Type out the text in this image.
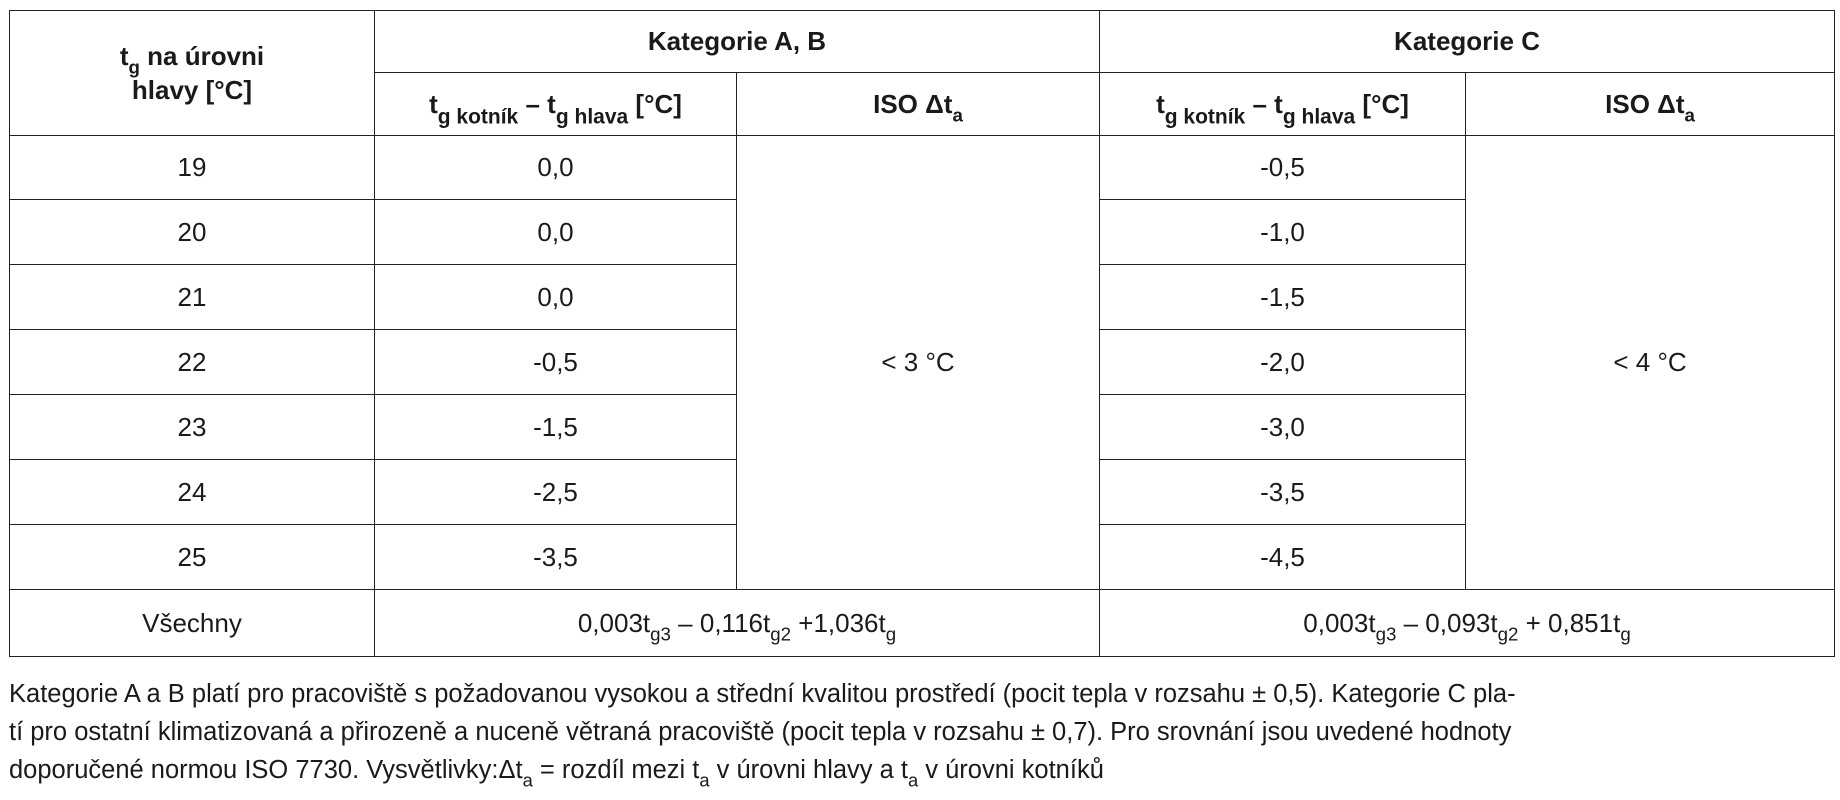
$t_g$ na úrovni
hlavy [°C]	Kategorie A, B		Kategorie C	
	$t_{g kotník} - t_{g hlava}$ [°C]	ISO $\Delta t_a$	$t_{g kotník} - t_{g hlava}$ [°C]	ISO $\Delta t_a$
19	0,0	< 3 °C	-0,5	< 4 °C
20	0,0		-1,0	
21	0,0		-1,5	
22	-0,5		-2,0	
23	-1,5		-3,0	
24	-2,5		-3,5	
25	-3,5		-4,5	
Všechny	$0,003t_{g3} - 0,116t_{g2} +1,036t_g$		$0,003t_{g3} - 0,093t_{g2} + 0,851t_g$

Kategorie A a B platí pro pracoviště s požadovanou vysokou a střední kvalitou prostředí (pocit tepla v rozsahu ± 0,5). Kategorie C pla-

tí pro ostatní klimatizovaná a přirozeně a nuceně větraná pracoviště (pocit tepla v rozsahu ± 0,7). Pro srovnání jsou uvedené hodnoty

doporučené normou ISO 7730. $Vysvětlivky:\Delta t_a$ = rozdíl mezi $t_a$ v úrovni hlavy a $t_a$ v úrovni kotníků
